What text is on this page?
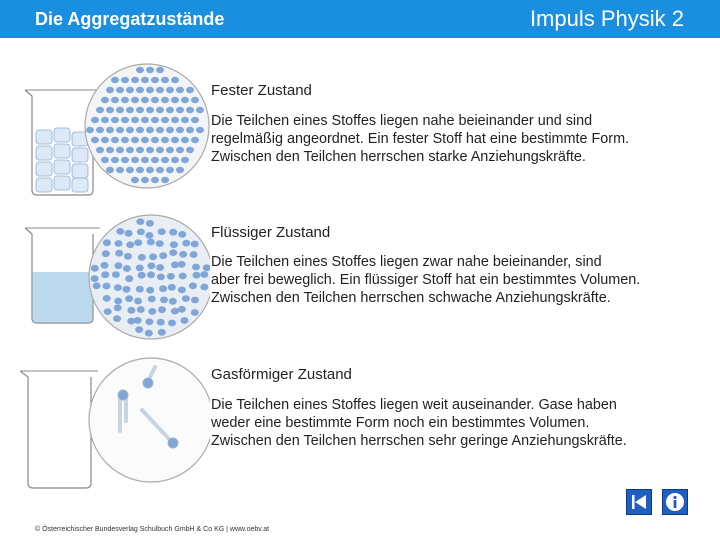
Die Aggregatzustände	Impuls Physik 2
Fester Zustand
Die Teilchen eines Stoffes liegen nahe beieinander und sind
regelmäßig angeordnet. Ein fester Stoff hat eine bestimmte Form.
Zwischen den Teilchen herrschen starke Anziehungskräfte.
Flüssiger Zustand
Die Teilchen eines Stoffes liegen zwar nahe beieinander, sind
aber frei beweglich. Ein flüssiger Stoff hat ein bestimmtes Volumen.
Zwischen den Teilchen herrschen schwache Anziehungskräfte.
Gasförmiger Zustand
Die Teilchen eines Stoffes liegen weit auseinander. Gase haben
weder eine bestimmte Form noch ein bestimmtes Volumen.
Zwischen den Teilchen herrschen sehr geringe Anziehungskräfte.
© Österreichischer Bundesverlag Schulbuch GmbH & Co KG | www.oebv.at
